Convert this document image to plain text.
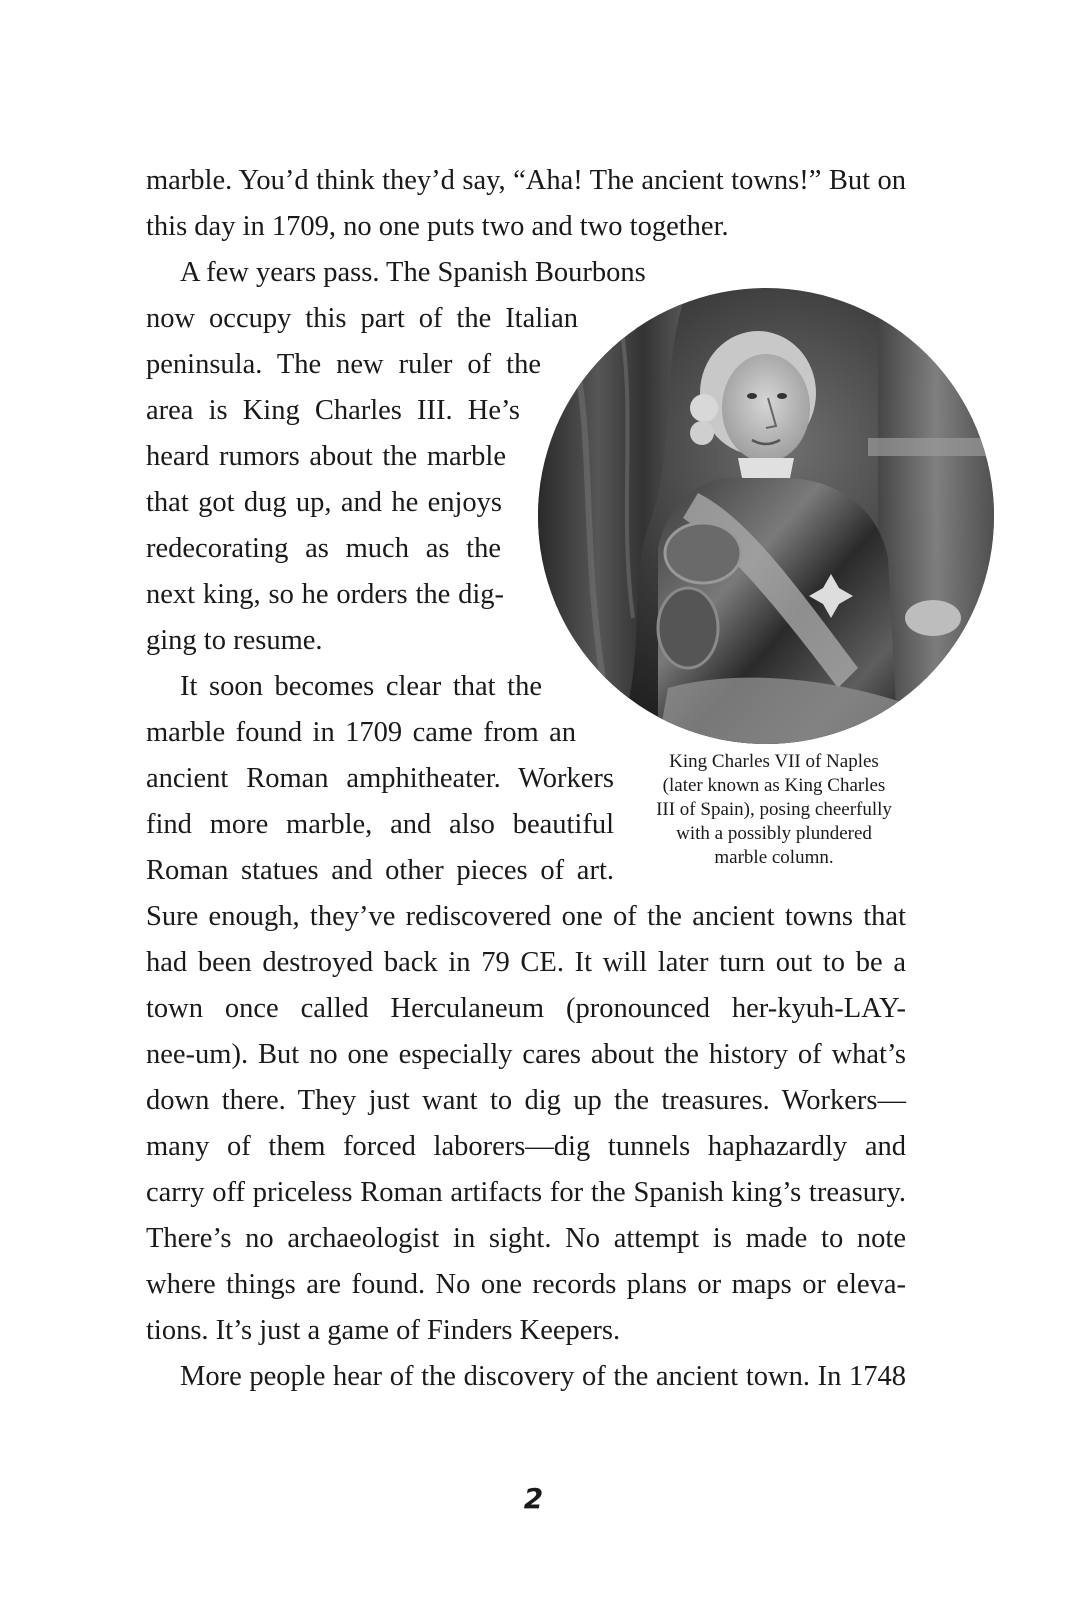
marble. You’d think they’d say, “Aha! The ancient towns!” But on
this day in 1709, no one puts two and two together.
A few years pass. The Spanish Bourbons
now occupy this part of the Italian
peninsula. The new ruler of the
area is King Charles III. He’s
heard rumors about the marble
that got dug up, and he enjoys
redecorating as much as the
next king, so he orders the dig-
ging to resume.
It soon becomes clear that the
marble found in 1709 came from an
ancient Roman amphitheater. Workers
find more marble, and also beautiful
Roman statues and other pieces of art.
Sure enough, they’ve rediscovered one of the ancient towns that
had been destroyed back in 79 CE. It will later turn out to be a
town once called Herculaneum (pronounced her-kyuh-LAY-
nee-um). But no one especially cares about the history of what’s
down there. They just want to dig up the treasures. Workers—
many of them forced laborers—dig tunnels haphazardly and
carry off priceless Roman artifacts for the Spanish king’s treasury.
There’s no archaeologist in sight. No attempt is made to note
where things are found. No one records plans or maps or eleva-
tions. It’s just a game of Finders Keepers.
More people hear of the discovery of the ancient town. In 1748
King Charles VII of Naples
(later known as King Charles
III of Spain), posing cheerfully
with a possibly plundered
marble column.
2
